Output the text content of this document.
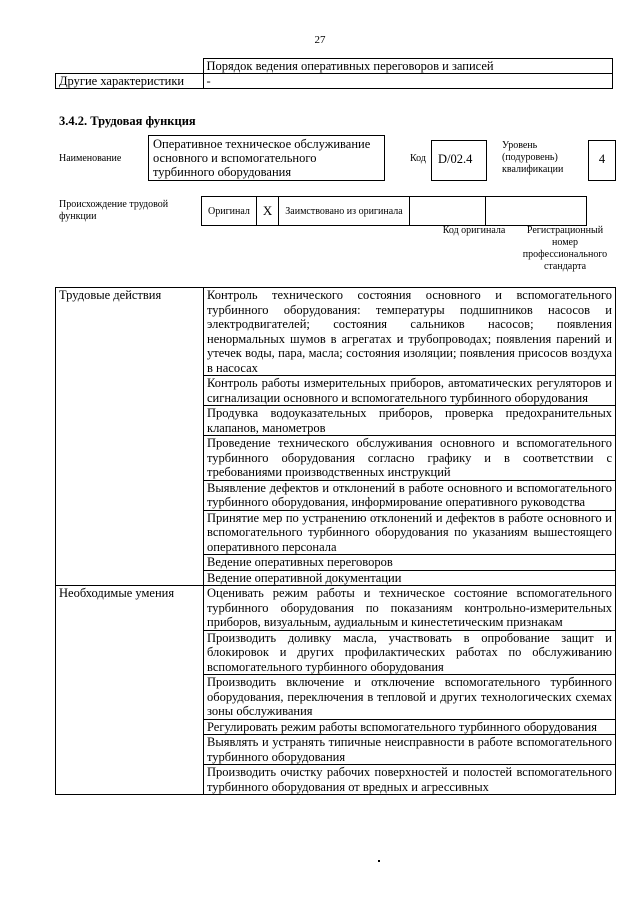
27
	Порядок ведения оперативных переговоров и записей
Другие характеристики	-
3.4.2. Трудовая функция
Наименование
Оперативное техническое обслуживание основного и вспомогательного турбинного оборудования
Код D/02.4
Уровень (подуровень) квалификации
4
Происхождение трудовой функции	Оригинал	X	Заимствовано из оригинала		
Код оригинала	Регистрационный номер профессионального стандарта
Трудовые действия	Контроль технического состояния основного и вспомогательного турбинного оборудования: температуры подшипников насосов и электродвигателей; состояния сальников насосов; появления ненормальных шумов в агрегатах и трубопроводах; появления парений и утечек воды, пара, масла; состояния изоляции; появления присосов воздуха в насосах
	Контроль работы измерительных приборов, автоматических регуляторов и сигнализации основного и вспомогательного турбинного оборудования
	Продувка водоуказательных приборов, проверка предохранительных клапанов, манометров
	Проведение технического обслуживания основного и вспомогательного турбинного оборудования согласно графику и в соответствии с требованиями производственных инструкций
	Выявление дефектов и отклонений в работе основного и вспомогательного турбинного оборудования, информирование оперативного руководства
	Принятие мер по устранению отклонений и дефектов в работе основного и вспомогательного турбинного оборудования по указаниям вышестоящего оперативного персонала
	Ведение оперативных переговоров
	Ведение оперативной документации
Необходимые умения	Оценивать режим работы и техническое состояние вспомогательного турбинного оборудования по показаниям контрольно-измерительных приборов, визуальным, аудиальным и кинестетическим признакам
	Производить доливку масла, участвовать в опробование защит и блокировок и других профилактических работах по обслуживанию вспомогательного турбинного оборудования
	Производить включение и отключение вспомогательного турбинного оборудования, переключения в тепловой и других технологических схемах зоны обслуживания
	Регулировать режим работы вспомогательного турбинного оборудования
	Выявлять и устранять типичные неисправности в работе вспомогательного турбинного оборудования
	Производить очистку рабочих поверхностей и полостей вспомогательного турбинного оборудования от вредных и агрессивных
